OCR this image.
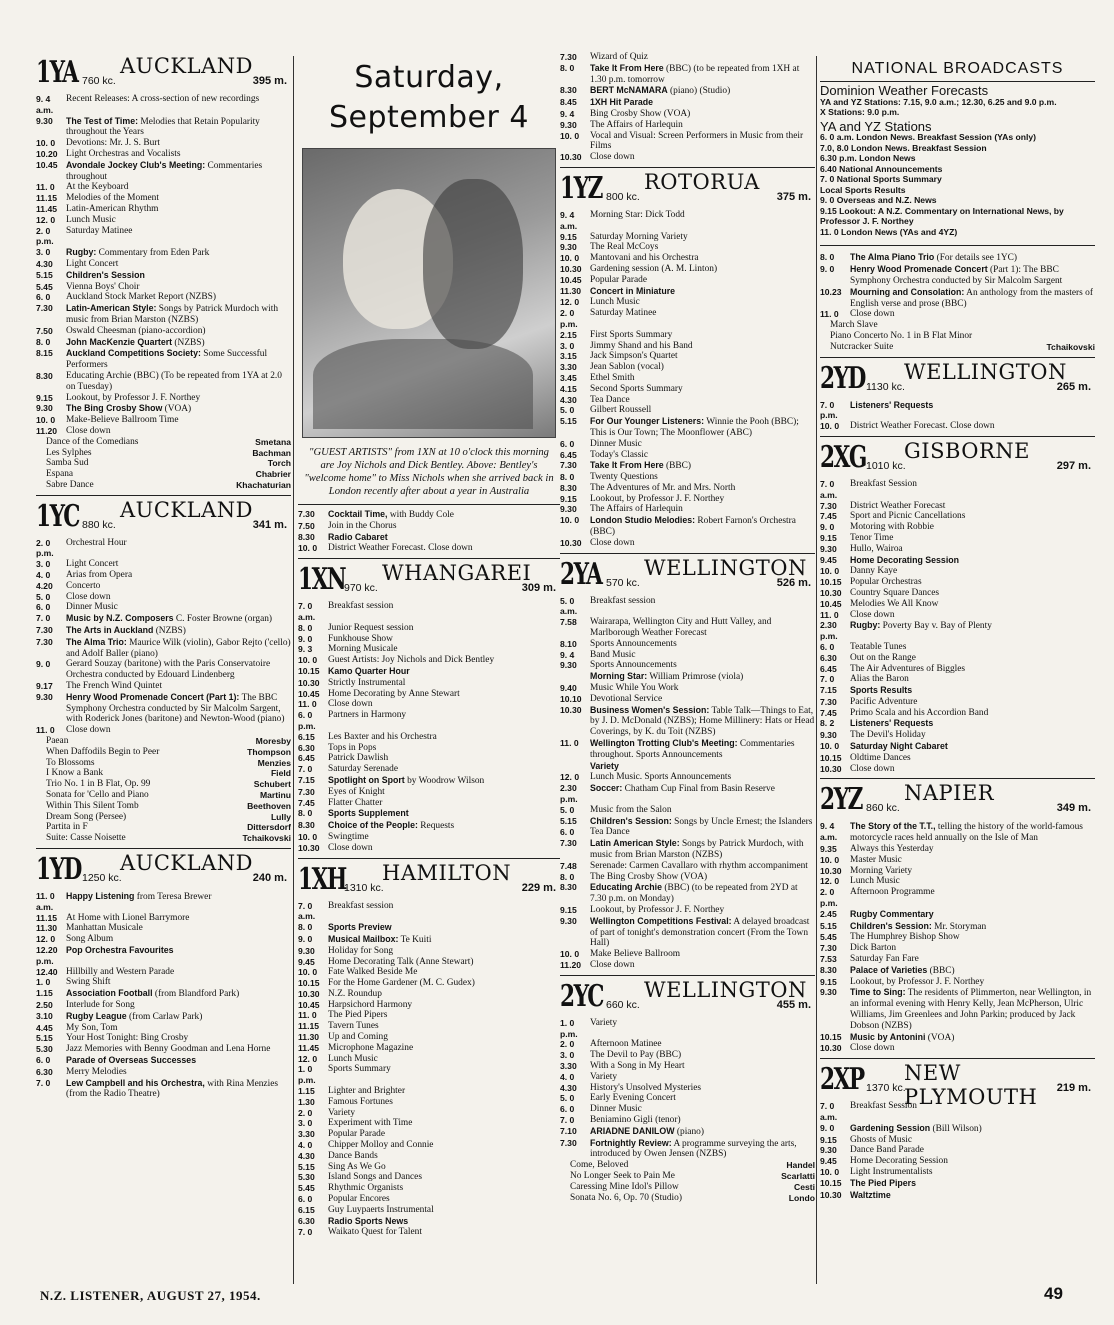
1YA AUCKLAND
760 kc.	395 m.
9. 4 a.m.
Recent Releases: A cross-section of new recordings
9.30	The Test of Time: Melodies that Retain Popularity throughout the Years
10. 0	Devotions: Mr. J. S. Burt
10.20 Light Orchestras and Vocalists
10.45 Avondale Jockey Club's Meeting: Commentaries throughout
11. 0	At the Keyboard
11.15 Melodies of the Moment
11.45 Latin-American Rhythm
12. 0	Lunch Music
2. 0 p.m.
Saturday Matinee
3. 0	Rugby: Commentary from Eden Park
4.30	Light Concert
5.15	Children's Session
5.45	Vienna Boys' Choir
6. 0	Auckland Stock Market Report (NZBS)
7.30	Latin-American Style: Songs by Patrick Murdoch with music from Brian Marston (NZBS)
7.50	Oswald Cheesman (piano-accordion)
8. 0	John MacKenzie Quartert (NZBS)
8.15	Auckland Competitions Society: Some Successful Performers
8.30	Educating Archie (BBC) (To be repeated from 1YA at 2.0 on Tuesday)
9.15	Lookout, by Professor J. F. Northey
9.30	The Bing Crosby Show (VOA)
10. 0	Make-Believe Ballroom Time
11.20 Close down
Dance of the Comedians	Smetana
Les Sylphes	Bachman
Samba Sud	Torch
Espana	Chabrier
Sabre Dance	Khachaturian
1YC AUCKLAND
880 kc.	341 m.
2. 0 p.m.
Orchestral Hour
3. 0	Light Concert
4. 0	Arias from Opera
4.20	Concerto
5. 0	Close down
6. 0	Dinner Music
7. 0	Music by N.Z. Composers C. Foster Browne (organ)
7.30	The Arts in Auckland (NZBS)
7.30	The Alma Trio: Maurice Wilk (violin), Gabor Rejto ('cello) and Adolf Baller (piano)
9. 0	Gerard Souzay (baritone) with the Paris Conservatoire Orchestra conducted by Edouard Lindenberg
9.17	The French Wind Quintet
9.30	Henry Wood Promenade Concert (Part 1): The BBC Symphony Orchestra conducted by Sir Malcolm Sargent, with Roderick Jones (baritone) and Newton-Wood (piano)
11. 0	Close down
Paean	Moresby
When Daffodils Begin to Peer	Thompson
To Blossoms	Menzies
I Know a Bank	Field
Trio No. 1 in B Flat, Op. 99	Schubert
Sonata for 'Cello and Piano	Martinu
Within This Silent Tomb	Beethoven
Dream Song (Persee)	Lully
Partita in F	Dittersdorf
Suite: Casse Noisette	Tchaikovski
1YD AUCKLAND
1250 kc.	240 m.
11. 0 a.m.
Happy Listening from Teresa Brewer
11.15 At Home with Lionel Barrymore
11.30 Manhattan Musicale
12. 0	Song Album
12.20 p.m.
Pop Orchestra Favourites
12.40 Hillbilly and Western Parade
1. 0	Swing Shift
1.15	Association Football (from Blandford Park)
2.50	Interlude for Song
3.10	Rugby League (from Carlaw Park)
4.45	My Son, Tom
5.15	Your Host Tonight: Bing Crosby
5.30	Jazz Memories with Benny Goodman and Lena Horne
6. 0	Parade of Overseas Successes
6.30	Merry Melodies
7. 0	Lew Campbell and his Orchestra, with Rina Menzies (from the Radio Theatre)
Saturday, September 4
"GUEST ARTISTS" from 1XN at 10 o'clock this morning are Joy Nichols and Dick Bentley. Above: Bentley's "welcome home" to Miss Nichols when she arrived back in London recently after about a year in Australia
7.30	Cocktail Time, with Buddy Cole
7.50	Join in the Chorus
8.30	Radio Cabaret
10. 0	District Weather Forecast. Close down
1XN WHANGAREI
970 kc.	309 m.
7. 0 a.m.
Breakfast session
8. 0	Junior Request session
9. 0	Funkhouse Show
9. 3	Morning Musicale
10. 0	Guest Artists: Joy Nichols and Dick Bentley
10.15 Kamo Quarter Hour
10.30 Strictly Instrumental
10.45 Home Decorating by Anne Stewart
11. 0	Close down
6. 0 p.m.
Partners in Harmony
6.15	Les Baxter and his Orchestra
6.30	Tops in Pops
6.45	Patrick Dawlish
7. 0	Saturday Serenade
7.15	Spotlight on Sport by Woodrow Wilson
7.30	Eyes of Knight
7.45	Flatter Chatter
8. 0	Sports Supplement
8.30	Choice of the People: Requests
10. 0	Swingtime
10.30 Close down
1XH HAMILTON
1310 kc.	229 m.
7. 0 a.m.
Breakfast session
8. 0	Sports Preview
9. 0	Musical Mailbox: Te Kuiti
9.30	Holiday for Song
9.45	Home Decorating Talk (Anne Stewart)
10. 0	Fate Walked Beside Me
10.15 For the Home Gardener (M. C. Gudex)
10.30 N.Z. Roundup
10.45 Harpsichord Harmony
11. 0	The Pied Pipers
11.15 Tavern Tunes
11.30 Up and Coming
11.45 Microphone Magazine
12. 0	Lunch Music
1. 0 p.m.
Sports Summary
1.15	Lighter and Brighter
1.30	Famous Fortunes
2. 0	Variety
3. 0	Experiment with Time
3.30	Popular Parade
4. 0	Chipper Molloy and Connie
4.30	Dance Bands
5.15	Sing As We Go
5.30	Island Songs and Dances
5.45	Rhythmic Organists
6. 0	Popular Encores
6.15	Guy Luypaerts Instrumental
6.30	Radio Sports News
7. 0	Waikato Quest for Talent
7.30	Wizard of Quiz
8. 0	Take It From Here (BBC) (to be repeated from 1XH at 1.30 p.m. tomorrow
8.30	BERT McNAMARA (piano) (Studio)
8.45	1XH Hit Parade
9. 4	Bing Crosby Show (VOA)
9.30	The Affairs of Harlequin
10. 0	Vocal and Visual: Screen Performers in Music from their Films
10.30 Close down
1YZ ROTORUA
800 kc.	375 m.
9. 4 a.m.
Morning Star: Dick Todd
9.15	Saturday Morning Variety
9.30	The Real McCoys
10. 0	Mantovani and his Orchestra
10.30 Gardening session (A. M. Linton)
10.45 Popular Parade
11.30	Concert in Miniature
12. 0	Lunch Music
2. 0 p.m.
Saturday Matinee
2.15	First Sports Summary
3. 0	Jimmy Shand and his Band
3.15	Jack Simpson's Quartet
3.30	Jean Sablon (vocal)
3.45	Ethel Smith
4.15	Second Sports Summary
4.30	Tea Dance
5. 0	Gilbert Roussell
5.15	For Our Younger Listeners: Winnie the Pooh (BBC); This is Our Town; The Moonflower (ABC)
6. 0	Dinner Music
6.45	Today's Classic
7.30	Take It From Here (BBC)
8. 0	Twenty Questions
8.30	The Adventures of Mr. and Mrs. North
9.15	Lookout, by Professor J. F. Northey
9.30	The Affairs of Harlequin
10. 0	London Studio Melodies: Robert Farnon's Orchestra (BBC)
10.30 Close down
2YA WELLINGTON
570 kc.	526 m.
5. 0 a.m.
Breakfast session
7.58	Wairarapa, Wellington City and Hutt Valley, and Marlborough Weather Forecast
8.10	Sports Announcements
9. 4	Band Music
9.30	Sports Announcements
Morning Star: William Primrose (viola)
9.40	Music While You Work
10.10 Devotional Service
10.30 Business Women's Session: Table Talk—Things to Eat, by J. D. McDonald (NZBS); Home Millinery: Hats or Head Coverings, by K. du Toit (NZBS)
11. 0	Wellington Trotting Club's Meeting: Commentaries throughout. Sports Announcements
Variety
12. 0	Lunch Music. Sports Announcements
2.30 p.m.
Soccer: Chatham Cup Final from Basin Reserve
5. 0	Music from the Salon
5.15	Children's Session: Songs by Uncle Ernest; the Islanders
6. 0	Tea Dance
7.30	Latin American Style: Songs by Patrick Murdoch, with music from Brian Marston (NZBS)
7.48	Serenade: Carmen Cavallaro with rhythm accompaniment
8. 0	The Bing Crosby Show (VOA)
8.30	Educating Archie (BBC) (to be repeated from 2YD at 7.30 p.m. on Monday)
9.15	Lookout, by Professor J. F. Northey
9.30	Wellington Competitions Festival: A delayed broadcast of part of tonight's demonstration concert (From the Town Hall)
10. 0	Make Believe Ballroom
11.20 Close down
2YC WELLINGTON
660 kc.	455 m.
1. 0 p.m.
Variety
2. 0	Afternoon Matinee
3. 0	The Devil to Pay (BBC)
3.30	With a Song in My Heart
4. 0	Variety
4.30	History's Unsolved Mysteries
5. 0	Early Evening Concert
6. 0	Dinner Music
7. 0	Beniamino Gigli (tenor)
7.10	ARIADNE DANILOW (piano)
7.30	Fortnightly Review: A programme surveying the arts, introduced by Owen Jensen (NZBS)
Come, Beloved	Handel
No Longer Seek to Pain Me	Scarlatti
Caressing Mine Idol's Pillow	Cesti
Sonata No. 6, Op. 70 (Studio)	Londo
NATIONAL BROADCASTS
Dominion Weather Forecasts
YA and YZ Stations: 7.15, 9.0 a.m.; 12.30, 6.25 and 9.0 p.m.
X Stations: 9.0 p.m.
YA and YZ Stations
6. 0 a.m. London News. Breakfast Session (YAs only)
7.0, 8.0 London News. Breakfast Session
6.30 p.m. London News
6.40 National Announcements
7. 0 National Sports Summary
Local Sports Results
9. 0 Overseas and N.Z. News
9.15 Lookout: A N.Z. Commentary on International News, by Professor J. F. Northey
11. 0 London News (YAs and 4YZ)
8. 0	The Alma Piano Trio (For details see 1YC)
9. 0	Henry Wood Promenade Concert (Part 1): The BBC Symphony Orchestra conducted by Sir Malcolm Sargent
10.23 Mourning and Consolation: An anthology from the masters of English verse and prose (BBC)
11. 0	Close down
March Slave
Piano Concerto No. 1 in B Flat Minor
Nutcracker Suite	Tchaikovski
2YD WELLINGTON
1130 kc.	265 m.
7. 0 p.m.
Listeners' Requests
10. 0	District Weather Forecast. Close down
2XG GISBORNE
1010 kc.	297 m.
7. 0 a.m.
Breakfast Session
7.30	District Weather Forecast
7.45	Sport and Picnic Cancellations
9. 0	Motoring with Robbie
9.15	Tenor Time
9.30	Hullo, Wairoa
9.45	Home Decorating Session
10. 0	Danny Kaye
10.15 Popular Orchestras
10.30 Country Square Dances
10.45 Melodies We All Know
11. 0	Close down
2.30 p.m.
Rugby: Poverty Bay v. Bay of Plenty
6. 0	Teatable Tunes
6.30	Out on the Range
6.45	The Air Adventures of Biggles
7. 0	Alias the Baron
7.15	Sports Results
7.30	Pacific Adventure
7.45	Primo Scala and his Accordion Band
8. 2	Listeners' Requests
9.30	The Devil's Holiday
10. 0	Saturday Night Cabaret
10.15 Oldtime Dances
10.30 Close down
2YZ NAPIER
860 kc.	349 m.
9. 4 a.m.
The Story of the T.T., telling the history of the world-famous motorcycle races held annually on the Isle of Man
9.35	Always this Yesterday
10. 0	Master Music
10.30 Morning Variety
12. 0	Lunch Music
2. 0 p.m.
Afternoon Programme
2.45	Rugby Commentary
5.15	Children's Session: Mr. Storyman
5.45	The Humphrey Bishop Show
7.30	Dick Barton
7.53	Saturday Fan Fare
8.30	Palace of Varieties (BBC)
9.15	Lookout, by Professor J. F. Northey
9.30	Time to Sing: The residents of Plimmerton, near Wellington, in an informal evening with Henry Kelly, Jean McPherson, Ulric Williams, Jim Greenlees and John Parkin; produced by Jack Dobson (NZBS)
10.15 Music by Antonini (VOA)
10.30 Close down
2XP NEW PLYMOUTH
1370 kc.	219 m.
7. 0 a.m.
Breakfast Session
9. 0	Gardening Session (Bill Wilson)
9.15	Ghosts of Music
9.30	Dance Band Parade
9.45	Home Decorating Session
10. 0	Light Instrumentalists
10.15 The Pied Pipers
10.30 Waltztime
N.Z. LISTENER, AUGUST 27, 1954.	49
